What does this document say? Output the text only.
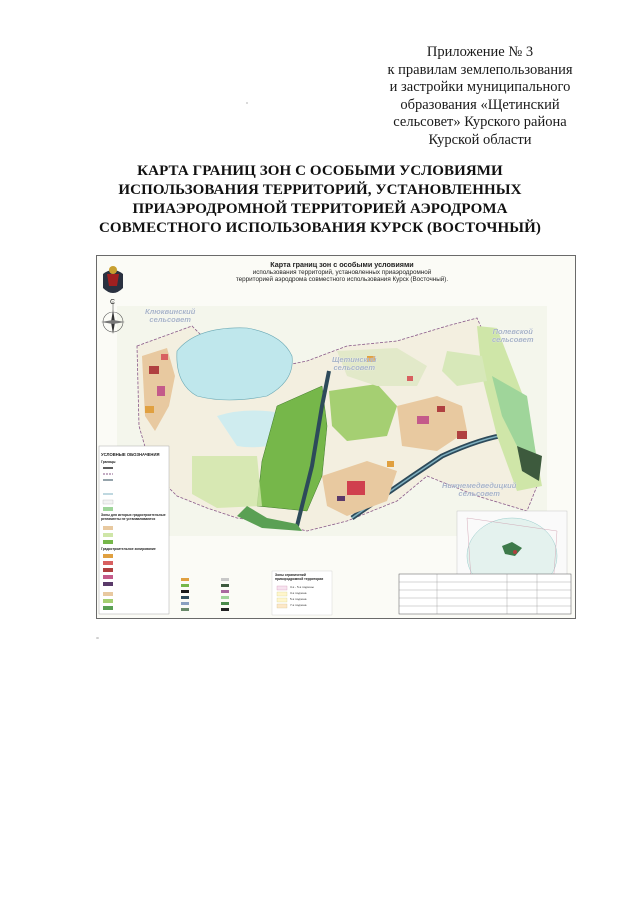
Приложение № 3
к правилам землепользования
и застройки муниципального
образования «Щетинский
сельсовет» Курского района
Курской области
КАРТА ГРАНИЦ ЗОН С ОСОБЫМИ УСЛОВИЯМИ
ИСПОЛЬЗОВАНИЯ ТЕРРИТОРИЙ, УСТАНОВЛЕННЫХ
ПРИАЭРОДРОМНОЙ ТЕРРИТОРИЕЙ АЭРОДРОМА
СОВМЕСТНОГО ИСПОЛЬЗОВАНИЯ КУРСК (ВОСТОЧНЫЙ)
С
Карта границ зон с особыми условиями
использования территорий, установленных приаэродромной
территорией аэродрома совместного использования Курск (Восточный).
Клюквинский
сельсовет
Щетинский
сельсовет
Полевской
сельсовет
Нижнемедведицкий
сельсовет
УСЛОВНЫЕ ОБОЗНАЧЕНИЯ
Границы
Зоны для которых градостроительные регламенты не устанавливаются
Градостроительное зонирование
Зоны ограничений приаэродромной территории
3-я - 5-я подзоны
3-я подзона
5-я подзона
7-я подзона
